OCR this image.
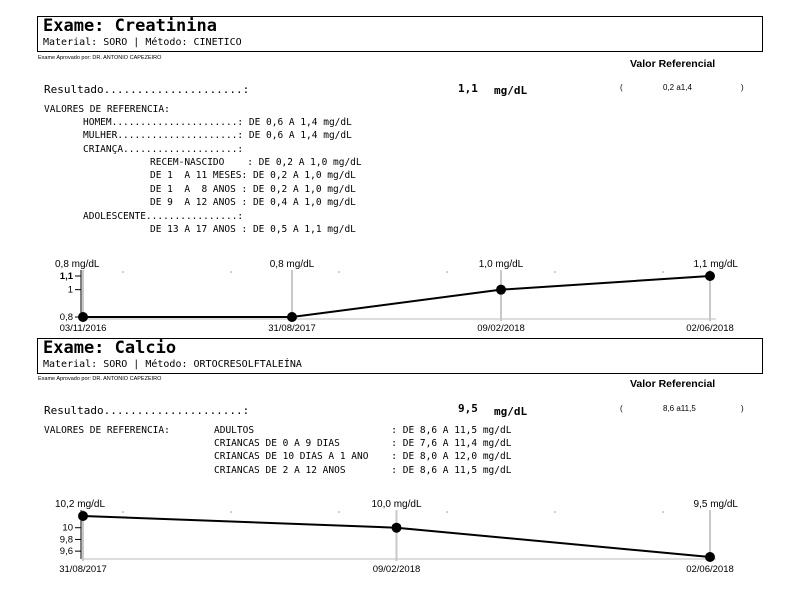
Exame: Creatinina
Material: SORO | Método: CINETICO
Exame Aprovado por: DR. ANTONIO CAPEZEIRO	Valor Referencial
Resultado.....................:	1,1 mg/dL	(	0,2 a1,4	)
VALORES DE REFERENCIA:
HOMEM......................: DE 0,6 A 1,4 mg/dL
MULHER.....................: DE 0,6 A 1,4 mg/dL
CRIANÇA....................:
RECEM-NASCIDO    : DE 0,2 A 1,0 mg/dL
DE 1  A 11 MESES: DE 0,2 A 1,0 mg/dL
DE 1  A  8 ANOS : DE 0,2 A 1,0 mg/dL
DE 9  A 12 ANOS : DE 0,4 A 1,0 mg/dL
ADOLESCENTE................:
DE 13 A 17 ANOS : DE 0,5 A 1,1 mg/dL
0,8
1
1,1
0,8 mg/dL
03/11/2016
0,8 mg/dL
31/08/2017
1,0 mg/dL
09/02/2018
1,1 mg/dL
02/06/2018
Exame: Calcio
Material: SORO | Método: ORTOCRESOLFTALEÍNA
Exame Aprovado por: DR. ANTONIO CAPEZEIRO	Valor Referencial
Resultado.....................:	9,5 mg/dL	(	8,6 a11,5	)
VALORES DE REFERENCIA:	ADULTOS                        : DE 8,6 A 11,5 mg/dL
CRIANCAS DE 0 A 9 DIAS         : DE 7,6 A 11,4 mg/dL
CRIANCAS DE 10 DIAS A 1 ANO    : DE 8,0 A 12,0 mg/dL
CRIANCAS DE 2 A 12 ANOS        : DE 8,6 A 11,5 mg/dL
9,6
9,8
10
10,2 mg/dL
31/08/2017
10,0 mg/dL
09/02/2018
9,5 mg/dL
02/06/2018
